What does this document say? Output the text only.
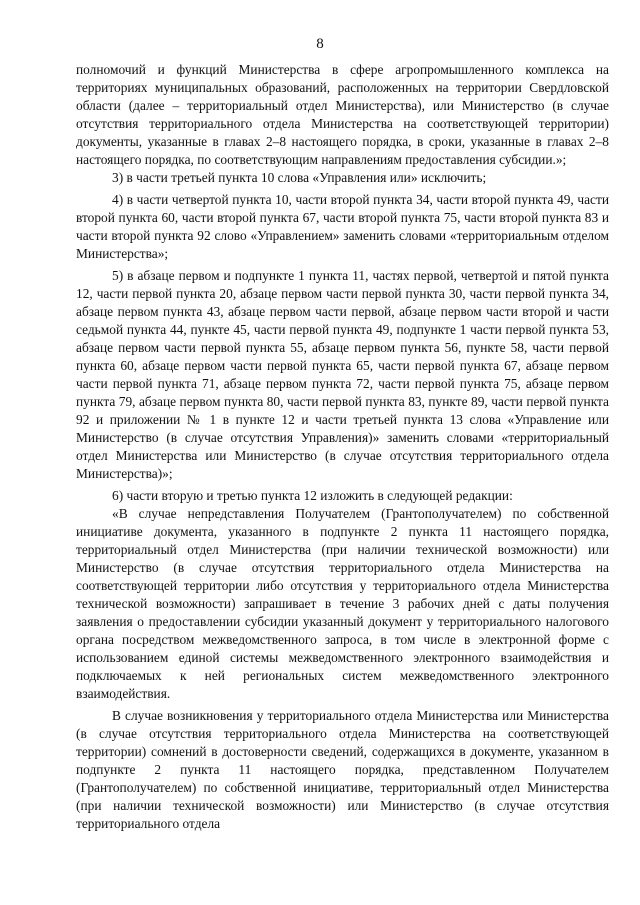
8

полномочий и функций Министерства в сфере агропромышленного комплекса на территориях муниципальных образований, расположенных на территории Свердловской области (далее – территориальный отдел Министерства), или Министерство (в случае отсутствия территориального отдела Министерства на соответствующей территории) документы, указанные в главах 2–8 настоящего порядка, в сроки, указанные в главах 2–8 настоящего порядка, по соответствующим направлениям предоставления субсидии.»;

3) в части третьей пункта 10 слова «Управления или» исключить;

4) в части четвертой пункта 10, части второй пункта 34, части второй пункта 49, части второй пункта 60, части второй пункта 67, части второй пункта 75, части второй пункта 83 и части второй пункта 92 слово «Управлением» заменить словами «территориальным отделом Министерства»;

5) в абзаце первом и подпункте 1 пункта 11, частях первой, четвертой и пятой пункта 12, части первой пункта 20, абзаце первом части первой пункта 30, части первой пункта 34, абзаце первом пункта 43, абзаце первом части первой, абзаце первом части второй и части седьмой пункта 44, пункте 45, части первой пункта 49, подпункте 1 части первой пункта 53, абзаце первом части первой пункта 55, абзаце первом пункта 56, пункте 58, части первой пункта 60, абзаце первом части первой пункта 65, части первой пункта 67, абзаце первом части первой пункта 71, абзаце первом пункта 72, части первой пункта 75, абзаце первом пункта 79, абзаце первом пункта 80, части первой пункта 83, пункте 89, части первой пункта 92 и приложении № 1 в пункте 12 и части третьей пункта 13 слова «Управление или Министерство (в случае отсутствия Управления)» заменить словами «территориальный отдел Министерства или Министерство (в случае отсутствия территориального отдела Министерства)»;

6) части вторую и третью пункта 12 изложить в следующей редакции:

«В случае непредставления Получателем (Грантополучателем) по собственной инициативе документа, указанного в подпункте 2 пункта 11 настоящего порядка, территориальный отдел Министерства (при наличии технической возможности) или Министерство (в случае отсутствия территориального отдела Министерства на соответствующей территории либо отсутствия у территориального отдела Министерства технической возможности) запрашивает в течение 3 рабочих дней с даты получения заявления о предоставлении субсидии указанный документ у территориального налогового органа посредством межведомственного запроса, в том числе в электронной форме с использованием единой системы межведомственного электронного взаимодействия и подключаемых к ней региональных систем межведомственного электронного взаимодействия.

В случае возникновения у территориального отдела Министерства или Министерства (в случае отсутствия территориального отдела Министерства на соответствующей территории) сомнений в достоверности сведений, содержащихся в документе, указанном в подпункте 2 пункта 11 настоящего порядка, представленном Получателем (Грантополучателем) по собственной инициативе, территориальный отдел Министерства (при наличии технической возможности) или Министерство (в случае отсутствия территориального отдела
